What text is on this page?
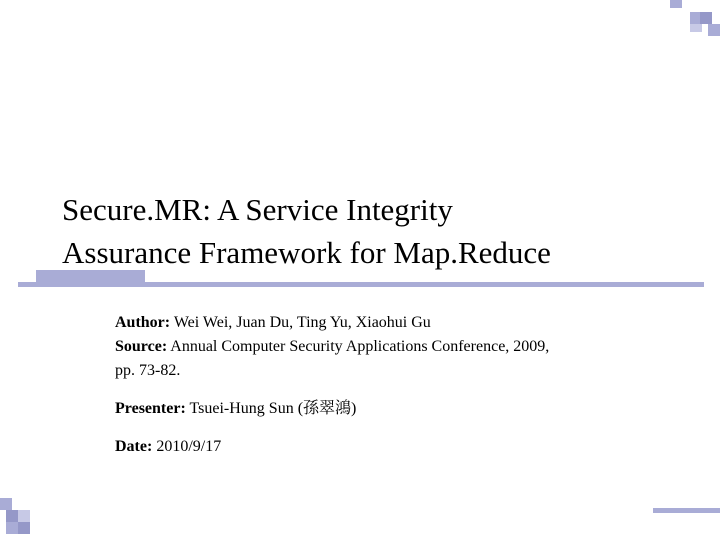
Secure.MR: A Service Integrity
Assurance Framework for Map.Reduce

Author: Wei Wei, Juan Du, Ting Yu, Xiaohui Gu

Source: Annual Computer Security Applications Conference, 2009,

pp. 73-82.

Presenter: Tsuei-Hung Sun (孫翠鴻)

Date: 2010/9/17
